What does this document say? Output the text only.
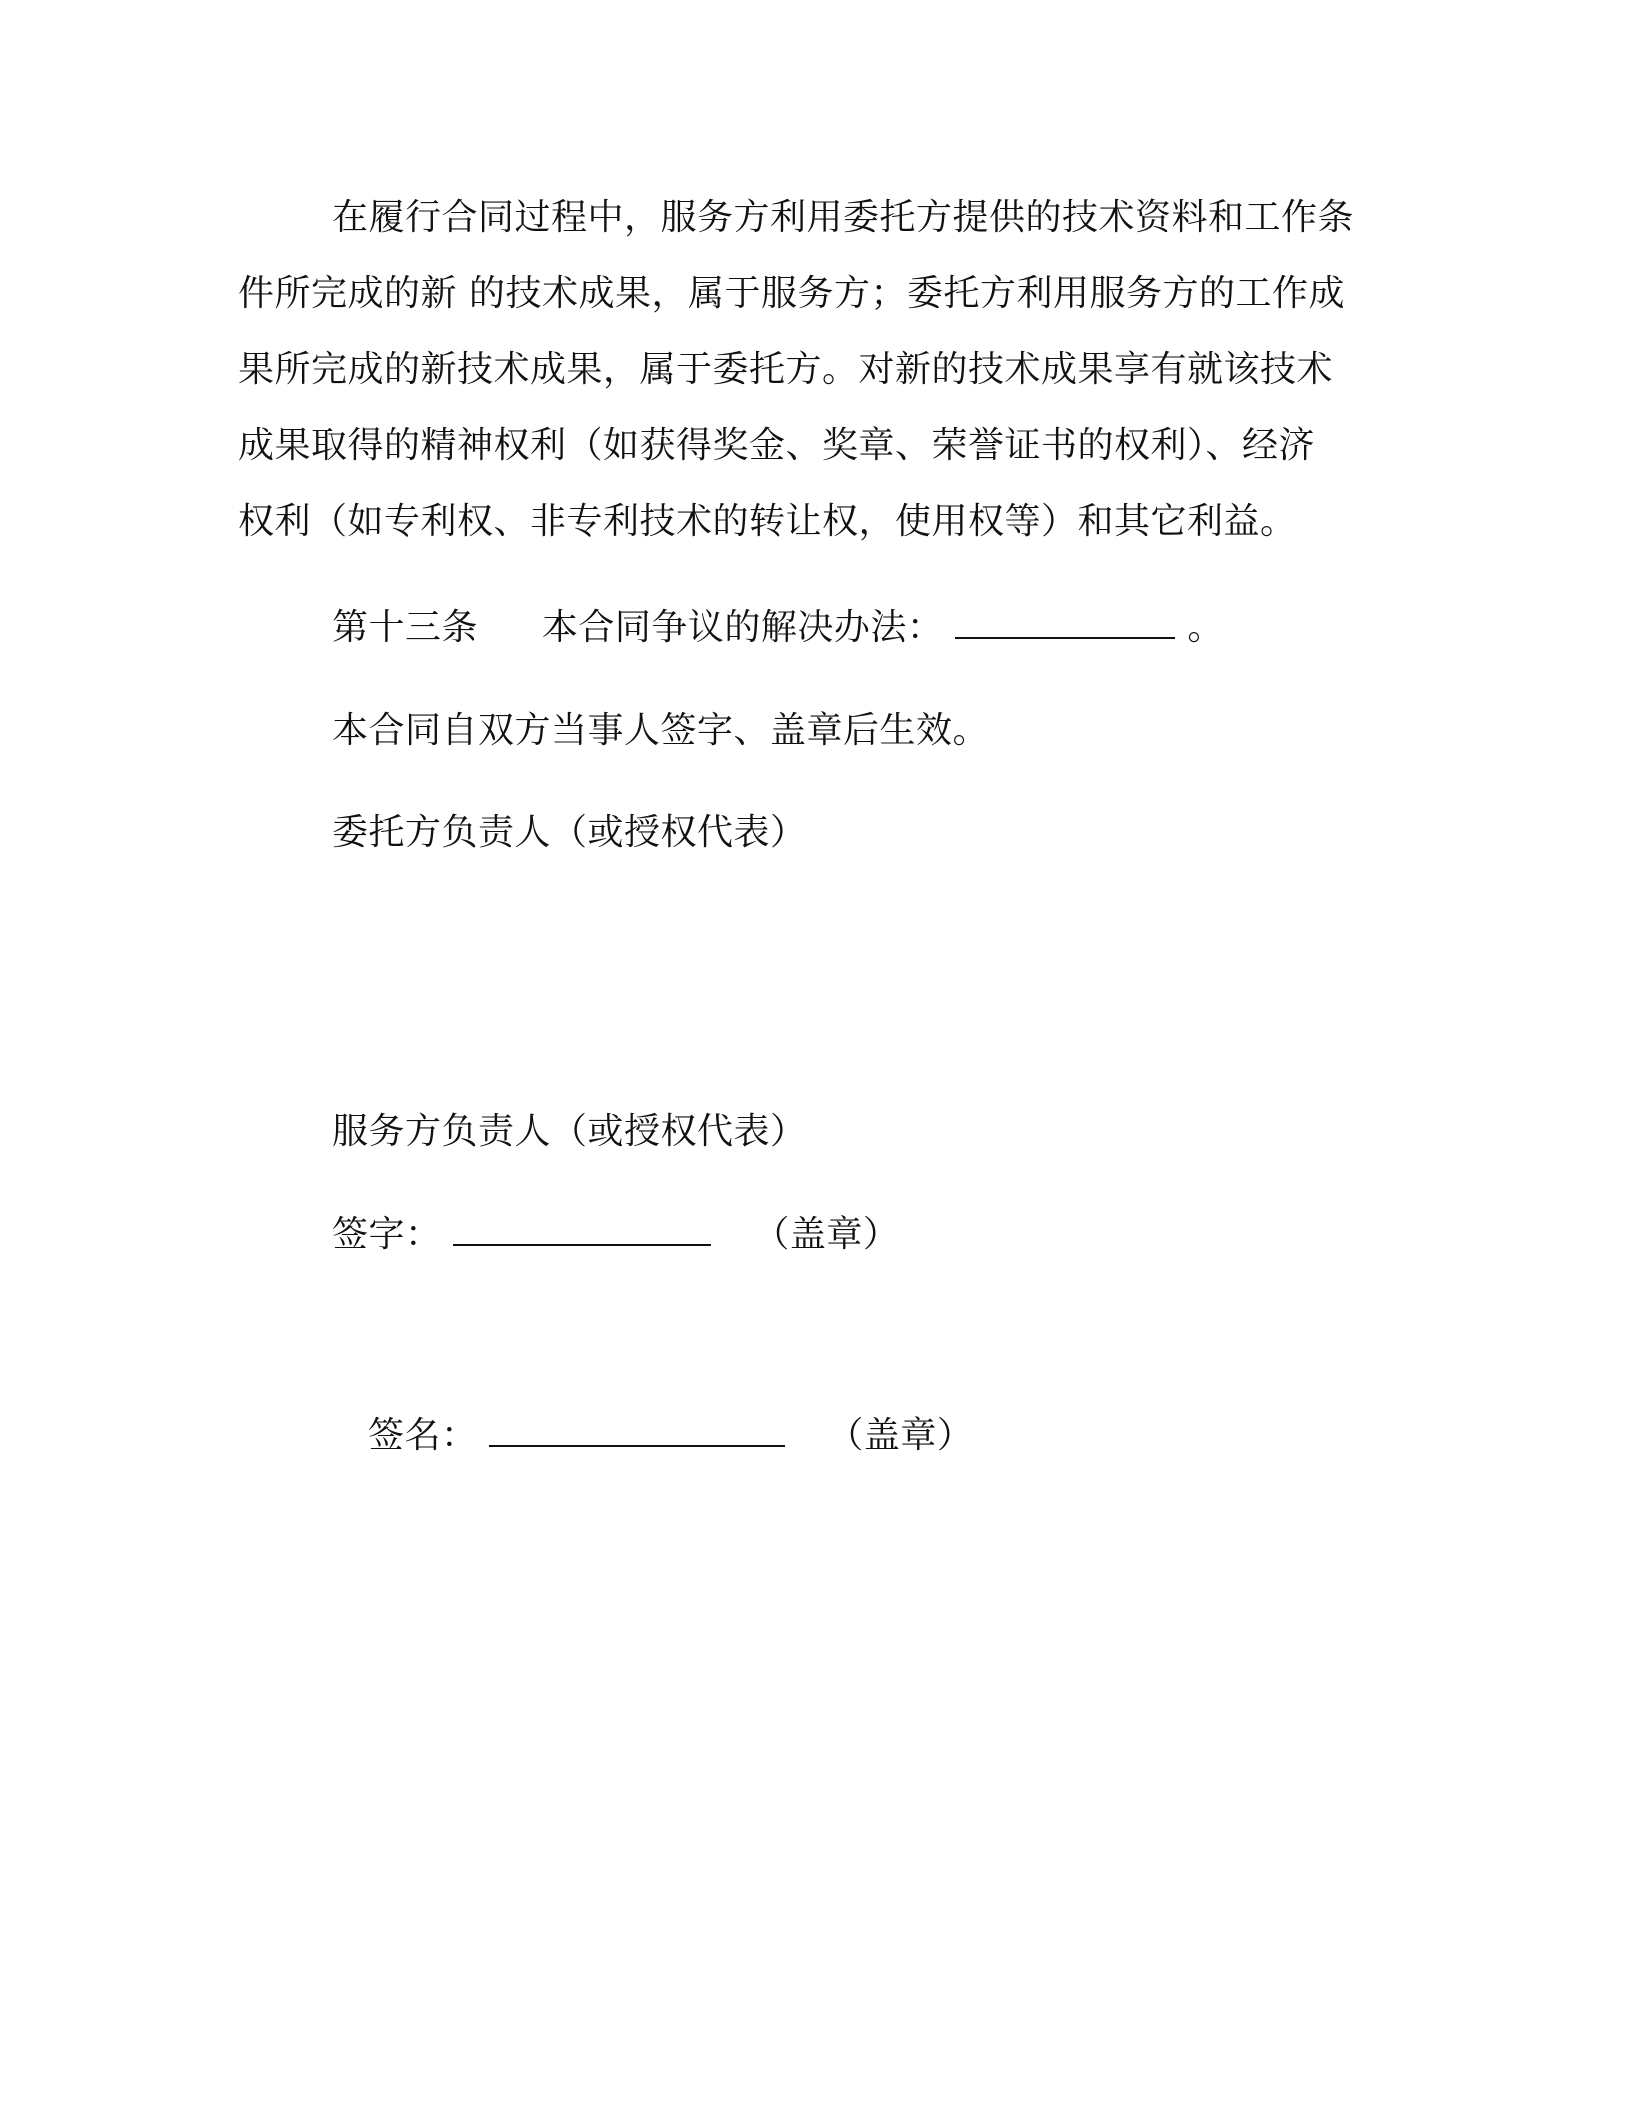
在履行合同过程中，服务方利用委托方提供的技术资料和工作条
件所完成的新 的技术成果，属于服务方；委托方利用服务方的工作成
果所完成的新技术成果，属于委托方。对新的技术成果享有就该技术
成果取得的精神权利（如获得奖金、奖章、荣誉证书的权利）、经济
权利（如专利权、非专利技术的转让权，使用权等）和其它利益。
第十三条 本合同争议的解决办法：	。
本合同自双方当事人签字、盖章后生效。
委托方负责人（或授权代表）
服务方负责人（或授权代表）
签字：	（盖章）
签名：	（盖章）
